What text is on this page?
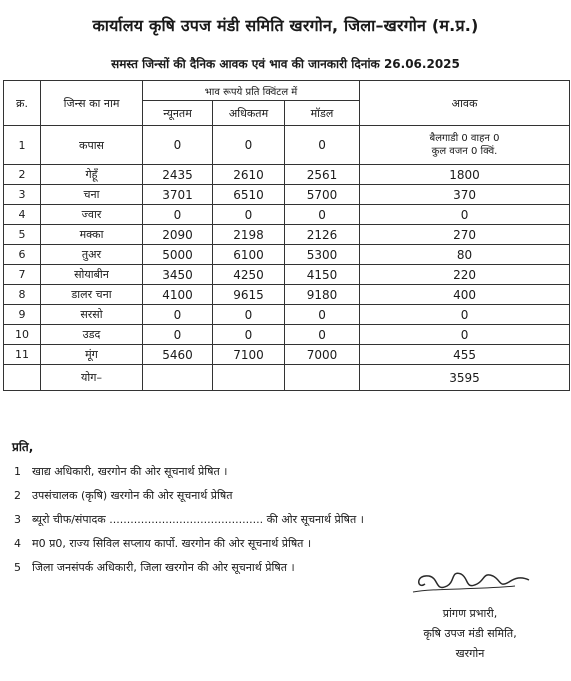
कार्यालय कृषि उपज मंडी समिति खरगोन, जिला–खरगोन (म.प्र.)
समस्त जिन्सों की दैनिक आवक एवं भाव की जानकारी दिनांक 26.06.2025
क्र.	जिन्स का नाम	भाव रूपये प्रति क्विंटल में			आवक
		न्यूनतम	अधिकतम	मॉडल	
1	कपास	0	0	0	बैलगाडी 0 वाहन 0
कुल वजन 0 क्विं.

2	गेहूँ	2435	2610	2561	1800
3	चना	3701	6510	5700	370
4	ज्वार	0	0	0	0
5	मक्का	2090	2198	2126	270
6	तुअर	5000	6100	5300	80
7	सोयाबीन	3450	4250	4150	220
8	डालर चना	4100	9615	9180	400
9	सरसो	0	0	0	0
10	उडद	0	0	0	0
11	मूंग	5460	7100	7000	455
	योग–				3595
प्रति,
1	खाद्य अधिकारी, खरगोन की ओर सूचनार्थ प्रेषित ।
2	उपसंचालक (कृषि) खरगोन की ओर सूचनार्थ प्रेषित
3	ब्यूरो चीफ/संपादक ............................................ की ओर सूचनार्थ प्रेषित ।
4	म0 प्र0, राज्य सिविल सप्लाय कार्पो. खरगोन की ओर सूचनार्थ प्रेषित ।
5	जिला जनसंपर्क अधिकारी, जिला खरगोन की ओर सूचनार्थ प्रेषित ।
प्रांगण प्रभारी,
कृषि उपज मंडी समिति,
खरगोन
